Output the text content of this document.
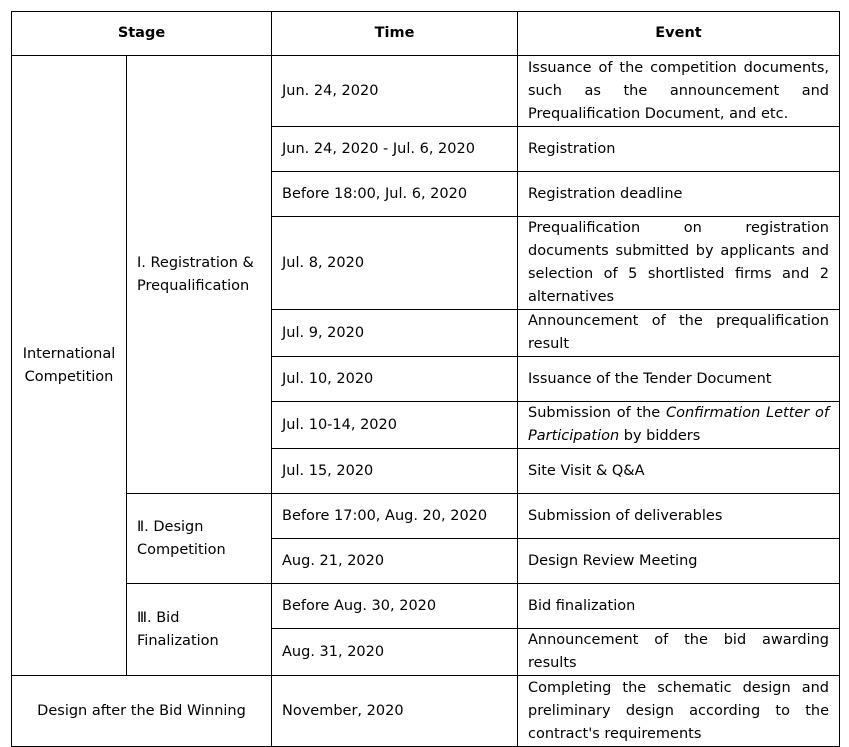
Stage		Time	Event
International Competition	Ⅰ. Registration & Prequalification	Jun. 24, 2020	Issuance of the competition documents, such as the announcement and Prequalification Document, and etc.
		Jun. 24, 2020 - Jul. 6, 2020	Registration
		Before 18:00, Jul. 6, 2020	Registration deadline
		Jul. 8, 2020	Prequalification on registration documents submitted by applicants and selection of 5 shortlisted firms and 2 alternatives
		Jul. 9, 2020	Announcement of the prequalification result
		Jul. 10, 2020	Issuance of the Tender Document
		Jul. 10-14, 2020	Submission of the Confirmation Letter of Participation by bidders
		Jul. 15, 2020	Site Visit & Q&A
	Ⅱ. Design Competition	Before 17:00, Aug. 20, 2020	Submission of deliverables
		Aug. 21, 2020	Design Review Meeting
	Ⅲ. Bid Finalization	Before Aug. 30, 2020	Bid finalization
		Aug. 31, 2020	Announcement of the bid awarding results
Design after the Bid Winning		November, 2020	Completing the schematic design and preliminary design according to the contract's requirements
